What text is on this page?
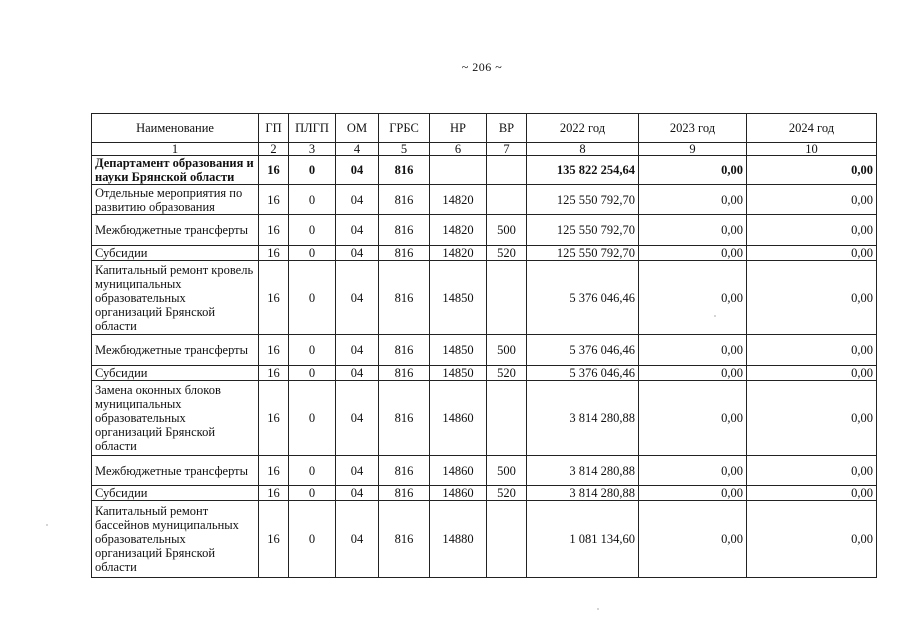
~ 206 ~
Наименование	ГП	ПЛГП	ОМ	ГРБС	НР	ВР	2022 год	2023 год	2024 год
1	2	3	4	5	6	7	8	9	10
Департамент образования и науки Брянской области	16	0	04	816			135 822 254,64	0,00	0,00
Отдельные мероприятия по развитию образования	16	0	04	816	14820		125 550 792,70	0,00	0,00
Межбюджетные трансферты	16	0	04	816	14820	500	125 550 792,70	0,00	0,00
Субсидии	16	0	04	816	14820	520	125 550 792,70	0,00	0,00
Капитальный ремонт кровель муниципальных образовательных организаций Брянской области	16	0	04	816	14850		5 376 046,46	0,00	0,00
Межбюджетные трансферты	16	0	04	816	14850	500	5 376 046,46	0,00	0,00
Субсидии	16	0	04	816	14850	520	5 376 046,46	0,00	0,00
Замена оконных блоков муниципальных образовательных организаций Брянской области	16	0	04	816	14860		3 814 280,88	0,00	0,00
Межбюджетные трансферты	16	0	04	816	14860	500	3 814 280,88	0,00	0,00
Субсидии	16	0	04	816	14860	520	3 814 280,88	0,00	0,00
Капитальный ремонт бассейнов муниципальных образовательных организаций Брянской области	16	0	04	816	14880		1 081 134,60	0,00	0,00
